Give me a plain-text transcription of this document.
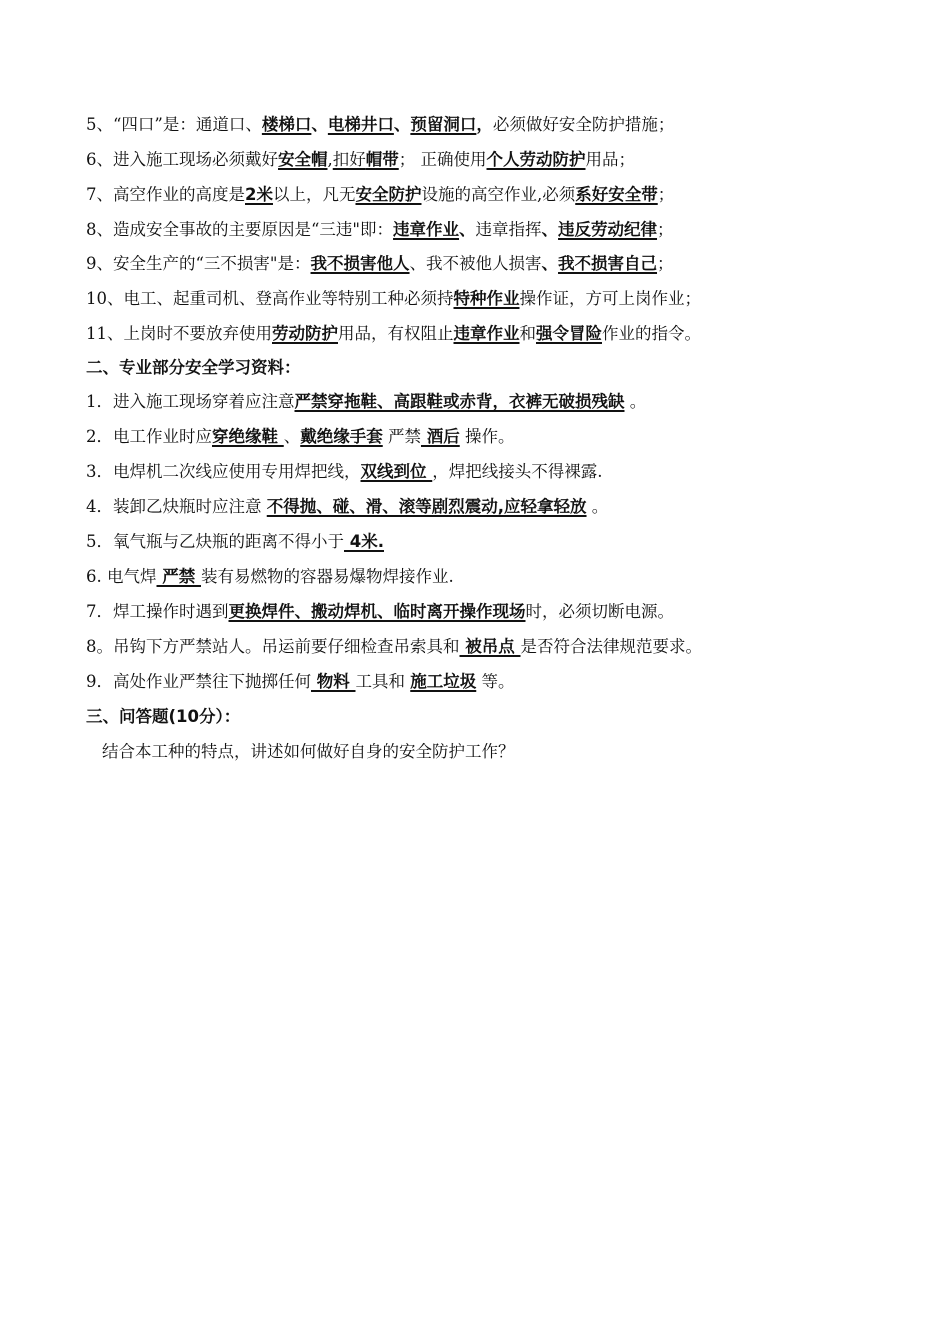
5、“四口”是：通道口、楼梯口、电梯井口、预留洞口，必须做好安全防护措施；
6、进入施工现场必须戴好安全帽,扣好帽带； 正确使用个人劳动防护用品；
7、高空作业的高度是2米以上，凡无安全防护设施的高空作业,必须系好安全带；
8、造成安全事故的主要原因是“三违"即：违章作业、违章指挥、违反劳动纪律；
9、安全生产的“三不损害"是：我不损害他人、我不被他人损害、我不损害自己；
10、电工、起重司机、登高作业等特别工种必须持特种作业操作证，方可上岗作业；
11、上岗时不要放弃使用劳动防护用品，有权阻止违章作业和强令冒险作业的指令。
二、专业部分安全学习资料：
1．进入施工现场穿着应注意严禁穿拖鞋、高跟鞋或赤背，衣裤无破损残缺 。
2．电工作业时应穿绝缘鞋 、戴绝缘手套 严禁 酒后 操作。
3．电焊机二次线应使用专用焊把线，双线到位 ，焊把线接头不得裸露.
4．装卸乙炔瓶时应注意 不得抛、碰、滑、滚等剧烈震动,应轻拿轻放 。
5．氧气瓶与乙炔瓶的距离不得小于 4米.
6. 电气焊 严禁 装有易燃物的容器易爆物焊接作业.
7．焊工操作时遇到更换焊件、搬动焊机、临时离开操作现场时，必须切断电源。
8。吊钩下方严禁站人。吊运前要仔细检查吊索具和 被吊点 是否符合法律规范要求。
9．高处作业严禁往下抛掷任何 物料 工具和 施工垃圾 等。
三、问答题(10分）：
结合本工种的特点，讲述如何做好自身的安全防护工作？
